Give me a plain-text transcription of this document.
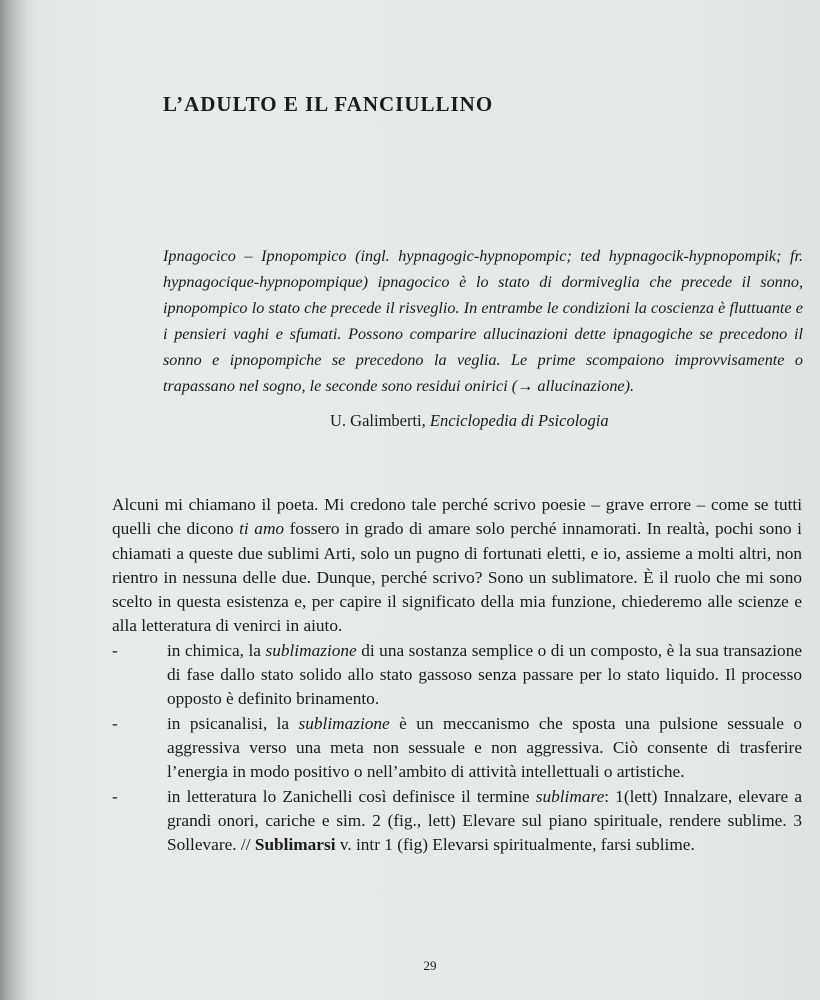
L’ADULTO E IL FANCIULLINO
Ipnagocico – Ipnopompico (ingl. hypnagogic-hypnopompic; ted hypnagocik-hypnopompik; fr. hypnagocique-hypnopompique) ipnagocico è lo stato di dormiveglia che precede il sonno, ipnopompico lo stato che precede il risveglio. In entrambe le condizioni la coscienza è fluttuante e i pensieri vaghi e sfumati. Possono comparire allucinazioni dette ipnagogiche se precedono il sonno e ipnopompiche se precedono la veglia. Le prime scompaiono improvvisamente o trapassano nel sogno, le seconde sono residui onirici (→ allucinazione).
U. Galimberti, Enciclopedia di Psicologia

Alcuni mi chiamano il poeta. Mi credono tale perché scrivo poesie – grave errore – come se tutti quelli che dicono ti amo fossero in grado di amare solo perché innamorati. In realtà, pochi sono i chiamati a queste due sublimi Arti, solo un pugno di fortunati eletti, e io, assieme a molti altri, non rientro in nessuna delle due. Dunque, perché scrivo? Sono un sublimatore. È il ruolo che mi sono scelto in questa esistenza e, per capire il significato della mia funzione, chiederemo alle scienze e alla letteratura di venirci in aiuto.

-	in chimica, la sublimazione di una sostanza semplice o di un composto, è la sua transazione di fase dallo stato solido allo stato gassoso senza passare per lo stato liquido. Il processo opposto è definito brinamento.
-	in psicanalisi, la sublimazione è un meccanismo che sposta una pulsione sessuale o aggressiva verso una meta non sessuale e non aggressiva. Ciò consente di trasferire l’energia in modo positivo o nell’ambito di attività intellettuali o artistiche.
-	in letteratura lo Zanichelli così definisce il termine sublimare: 1(lett) Innalzare, elevare a grandi onori, cariche e sim. 2 (fig., lett) Elevare sul piano spirituale, rendere sublime. 3 Sollevare. // Sublimarsi v. intr 1 (fig) Elevarsi spiritualmente, farsi sublime.
29
